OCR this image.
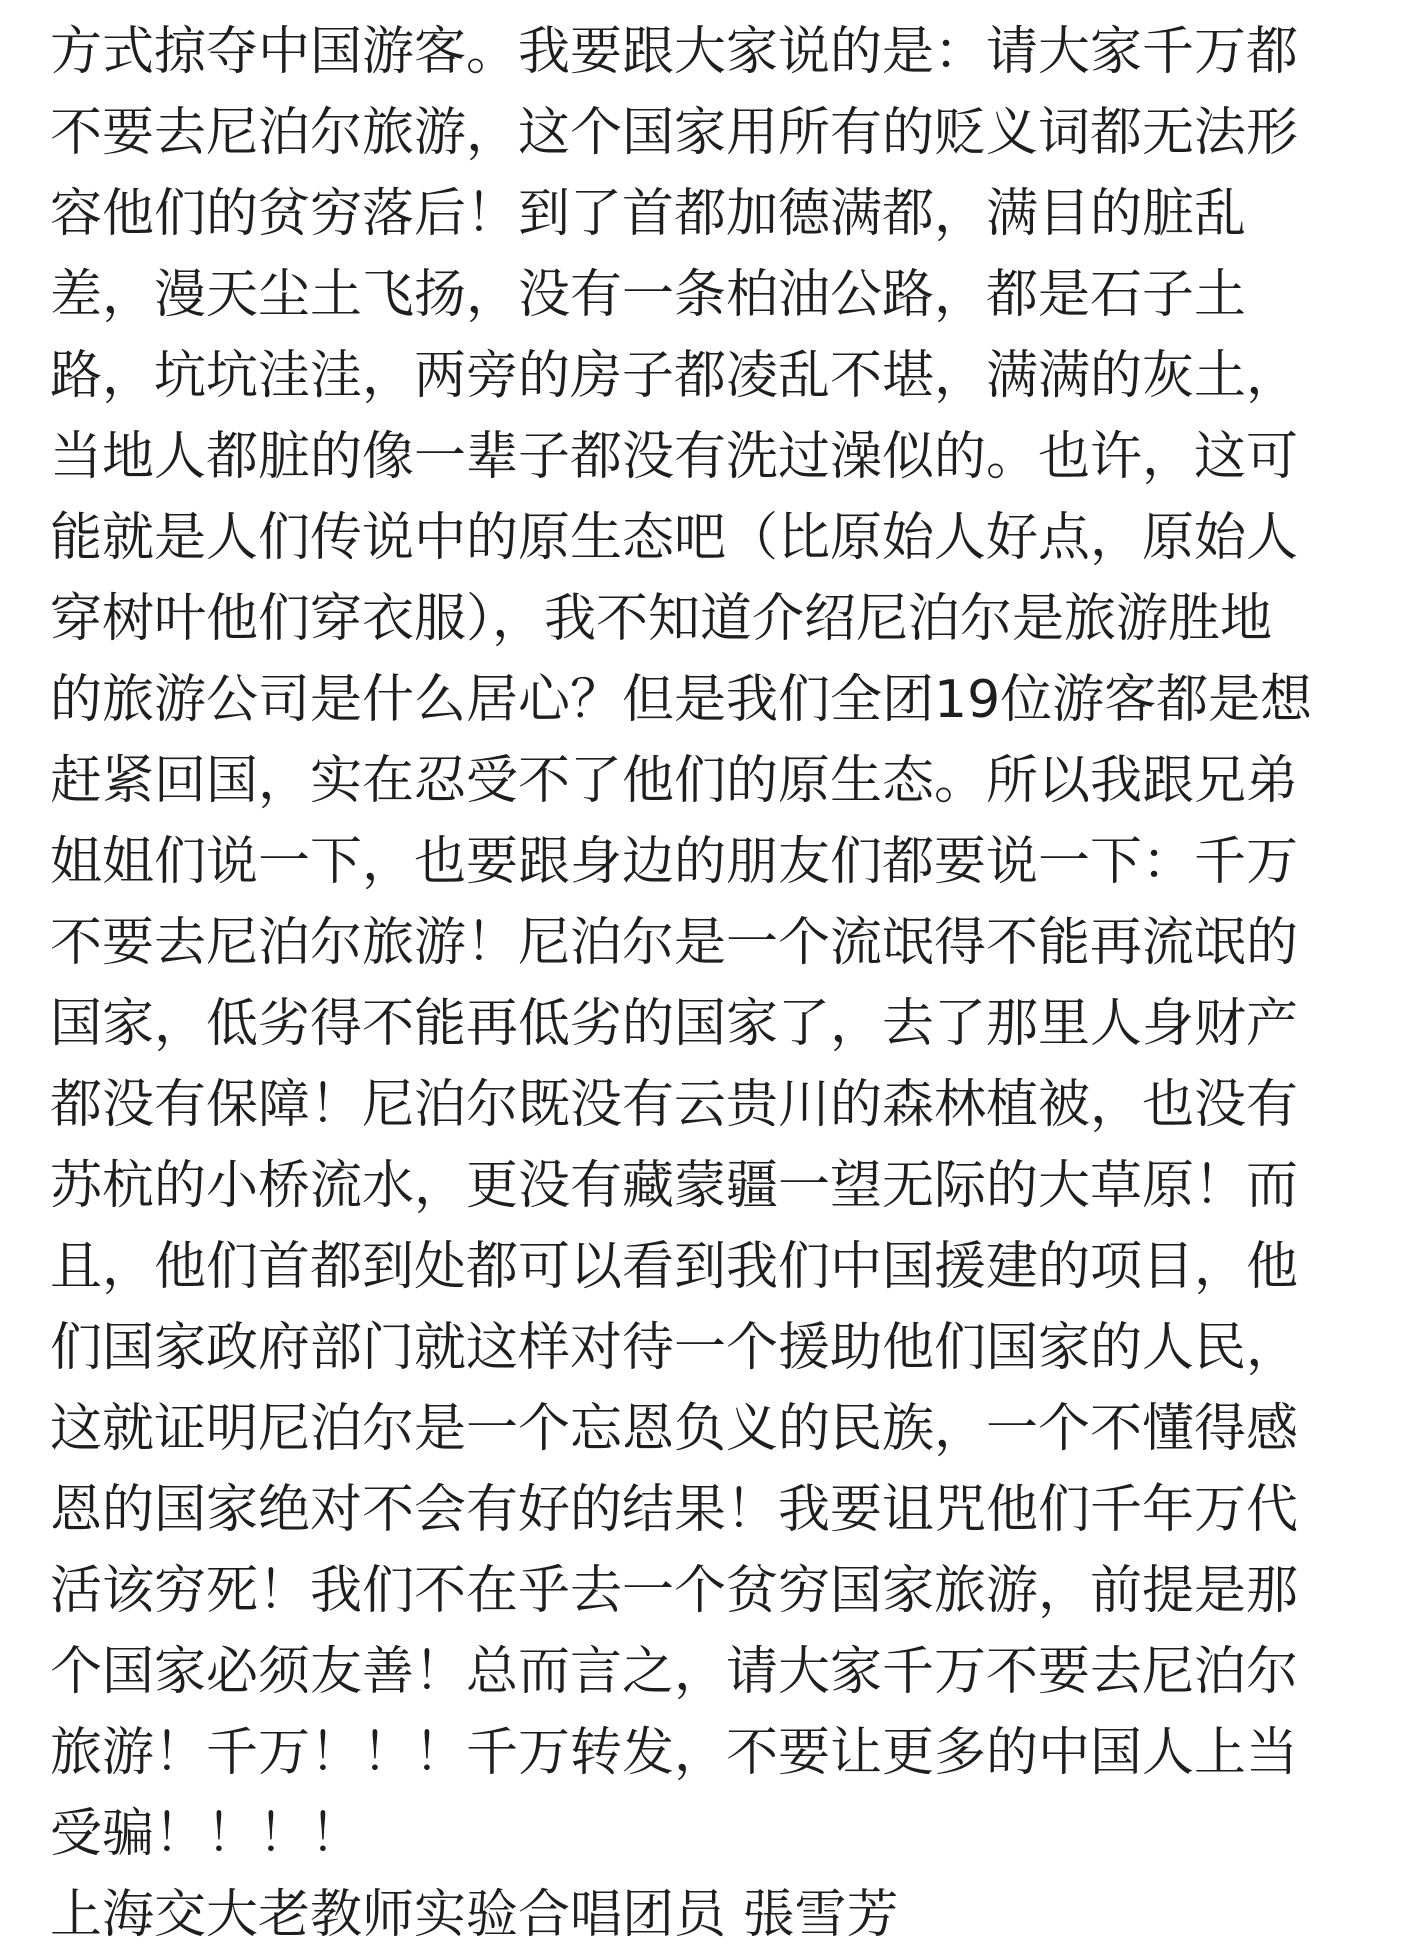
方式掠夺中国游客。我要跟大家说的是：请大家千万都
不要去尼泊尔旅游，这个国家用所有的贬义词都无法形
容他们的贫穷落后！到了首都加德满都，满目的脏乱
差，漫天尘土飞扬，没有一条柏油公路，都是石子土
路，坑坑洼洼，两旁的房子都凌乱不堪，满满的灰土，
当地人都脏的像一辈子都没有洗过澡似的。也许，这可
能就是人们传说中的原生态吧（比原始人好点，原始人
穿树叶他们穿衣服），我不知道介绍尼泊尔是旅游胜地
的旅游公司是什么居心？但是我们全团19位游客都是想
赶紧回国，实在忍受不了他们的原生态。所以我跟兄弟
姐姐们说一下，也要跟身边的朋友们都要说一下：千万
不要去尼泊尔旅游！尼泊尔是一个流氓得不能再流氓的
国家，低劣得不能再低劣的国家了，去了那里人身财产
都没有保障！尼泊尔既没有云贵川的森林植被，也没有
苏杭的小桥流水，更没有藏蒙疆一望无际的大草原！而
且，他们首都到处都可以看到我们中国援建的项目，他
们国家政府部门就这样对待一个援助他们国家的人民，
这就证明尼泊尔是一个忘恩负义的民族，一个不懂得感
恩的国家绝对不会有好的结果！我要诅咒他们千年万代
活该穷死！我们不在乎去一个贫穷国家旅游，前提是那
个国家必须友善！总而言之，请大家千万不要去尼泊尔
旅游！千万！！！千万转发，不要让更多的中国人上当
受骗！！！！
上海交大老教师实验合唱团员 張雪芳
